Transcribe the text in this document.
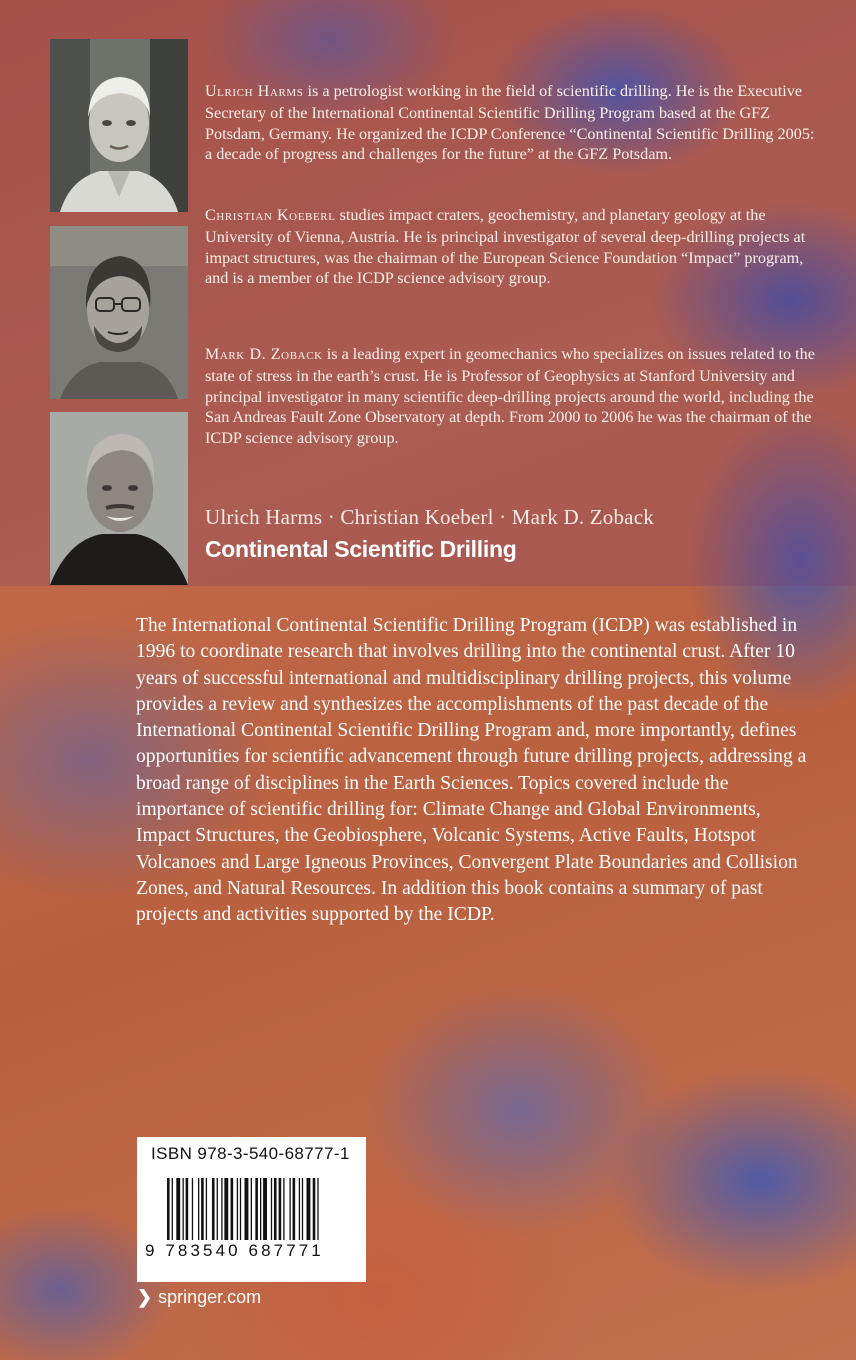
Ulrich Harms is a petrologist working in the field of scientific drilling. He is the Executive Secretary of the International Continental Scientific Drilling Program based at the GFZ Potsdam, Germany. He organized the ICDP Conference “Continental Scientific Drilling 2005: a decade of progress and challenges for the future” at the GFZ Potsdam.
Christian Koeberl studies impact craters, geochemistry, and planetary geology at the University of Vienna, Austria. He is principal investigator of several deep-drilling projects at impact structures, was the chairman of the European Science Foundation “Impact” program, and is a member of the ICDP science advisory group.
Mark D. Zoback is a leading expert in geomechanics who specializes on issues related to the state of stress in the earth’s crust. He is Professor of Geophysics at Stanford University and principal investigator in many scientific deep-drilling projects around the world, including the San Andreas Fault Zone Observatory at depth. From 2000 to 2006 he was the chairman of the ICDP science advisory group.
Ulrich Harms · Christian Koeberl · Mark D. Zoback
Continental Scientific Drilling
The International Continental Scientific Drilling Program (ICDP) was established in 1996 to coordinate research that involves drilling into the continental crust. After 10 years of successful international and multidisciplinary drilling projects, this volume provides a review and synthesizes the accomplishments of the past decade of the International Continental Scientific Drilling Program and, more importantly, defines opportunities for scientific advancement through future drilling projects, addressing a broad range of disciplines in the Earth Sciences. Topics covered include the importance of scientific drilling for: Climate Change and Global Environments, Impact Structures, the Geobiosphere, Volcanic Systems, Active Faults, Hotspot Volcanoes and Large Igneous Provinces, Convergent Plate Boundaries and Collision Zones, and Natural Resources. In addition this book contains a summary of past projects and activities supported by the ICDP.
ISBN 978-3-540-68777-1
9 783540 687771
❯ springer.com
